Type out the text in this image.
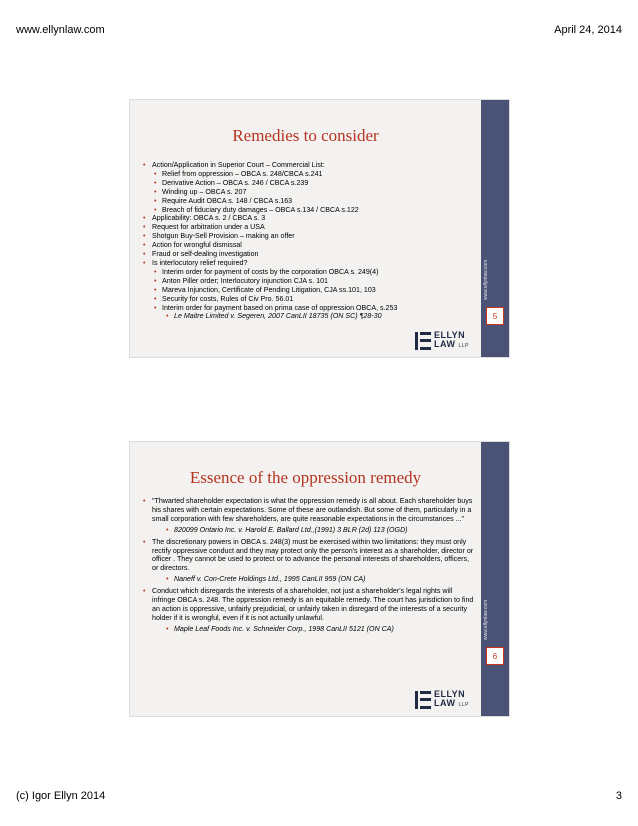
www.ellynlaw.com	April 24, 2014
www.ellynlaw.com
5
Remedies to consider
• Action/Application in Superior Court – Commercial List:
• Relief from oppression – OBCA s. 248/CBCA s.241
• Derivative Action – OBCA s. 246 / CBCA s.239
• Winding up – OBCA s. 207
• Require Audit OBCA s. 148 / CBCA s.163
• Breach of fiduciary duty damages – OBCA s.134 / CBCA s.122
• Applicability: OBCA s. 2 / CBCA s. 3
• Request for arbitration under a USA
• Shotgun Buy-Sell Provision – making an offer
• Action for wrongful dismissal
• Fraud or self-dealing investigation
• Is interlocutory relief required?
• Interim order for payment of costs by the corporation OBCA s. 249(4)
• Anton Piller order; Interlocutory injunction CJA s. 101
• Mareva Injunction, Certificate of Pending Litigation, CJA ss.101, 103
• Security for costs, Rules of Civ Pro. 56.01
• Interim order for payment based on prima case of oppression OBCA, s.253
• Le Maitre Limited v. Segeren, 2007 CanLII 18735 (ON SC) ¶28-30
ELLYN
LAW LLP
www.ellynlaw.com
6
Essence of the oppression remedy
• "Thwarted shareholder expectation is what the oppression remedy is all about. Each shareholder buys his shares with certain expectations. Some of these are outlandish. But some of them, particularly in a small corporation with few shareholders, are quite reasonable expectations in the circumstances ..."
• 820099 Ontario Inc. v. Harold E. Ballard Ltd.,(1991) 3 BLR (2d) 113 (OGD)
• The discretionary powers in OBCA s. 248(3) must be exercised within two limitations: they must only rectify oppressive conduct and they may protect only the person's interest as a shareholder, director or officer . They cannot be used to protect or to advance the personal interests of shareholders, officers, or directors.
• Naneff v. Con-Crete Holdings Ltd., 1995 CanLII 959 (ON CA)
• Conduct which disregards the interests of a shareholder, not just a shareholder's legal rights will infringe OBCA s. 248. The oppression remedy is an equitable remedy. The court has jurisdiction to find an action is oppressive, unfairly prejudicial, or unfairly taken in disregard of the interests of a security holder if it is wrongful, even if it is not actually unlawful.
• Maple Leaf Foods Inc. v. Schneider Corp., 1998 CanLII 5121 (ON CA)
ELLYN
LAW LLP
(c) Igor Ellyn 2014	3
